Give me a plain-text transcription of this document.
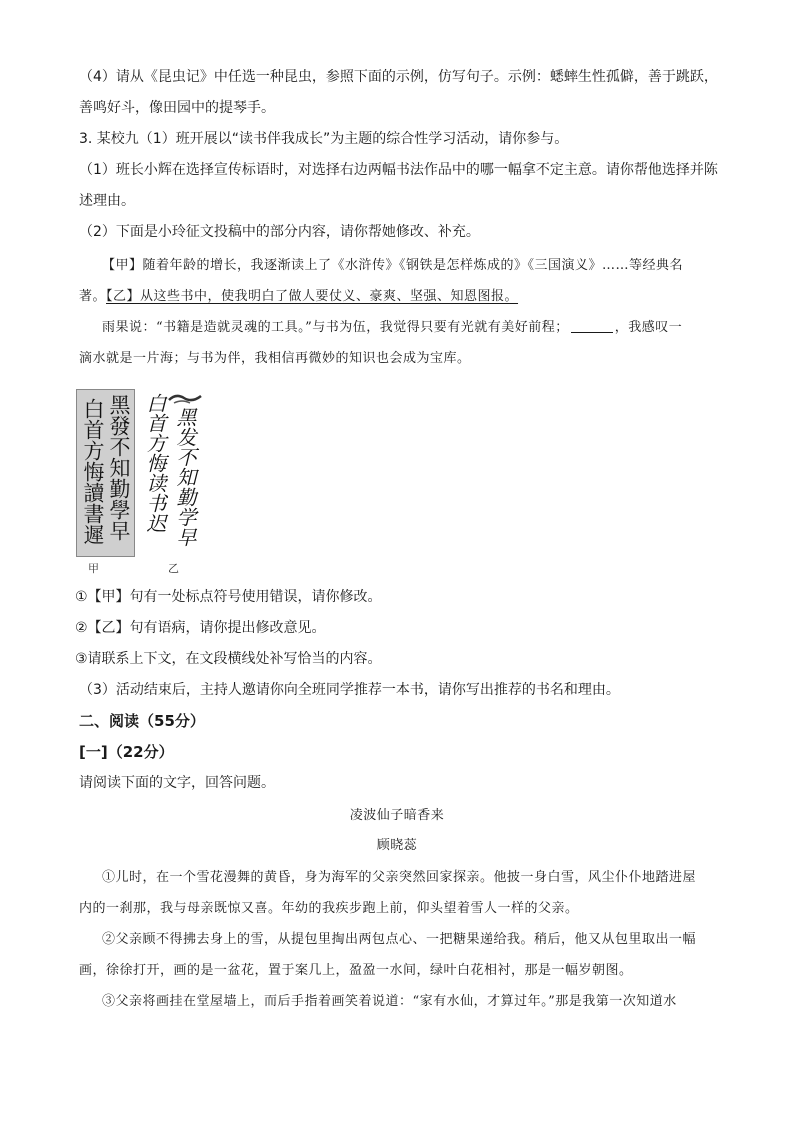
（4）请从《昆虫记》中任选一种昆虫，参照下面的示例，仿写句子。示例：蟋蟀生性孤僻，善于跳跃，
善鸣好斗，像田园中的提琴手。
3. 某校九（1）班开展以“读书伴我成长”为主题的综合性学习活动，请你参与。
（1）班长小辉在选择宣传标语时，对选择右边两幅书法作品中的哪一幅拿不定主意。请你帮他选择并陈
述理由。
（2）下面是小玲征文投稿中的部分内容，请你帮她修改、补充。
【甲】随着年龄的增长，我逐渐读上了《水浒传》《钢铁是怎样炼成的》《三国演义》……等经典名
著。【乙】从这些书中，使我明白了做人要仗义、豪爽、坚强、知恩图报。
雨果说：“书籍是造就灵魂的工具。”与书为伍，我觉得只要有光就有美好前程；	，我感叹一
滴水就是一片海；与书为伴，我相信再微妙的知识也会成为宝库。
黑發不知勤學早
白首方悔讀書遲
甲
黑发不知勤学早
白首方悔读书迟
乙
①【甲】句有一处标点符号使用错误，请你修改。
②【乙】句有语病，请你提出修改意见。
③请联系上下文，在文段横线处补写恰当的内容。
（3）活动结束后，主持人邀请你向全班同学推荐一本书，请你写出推荐的书名和理由。
二、阅读（55分）
[一]（22分）
请阅读下面的文字，回答问题。
凌波仙子暗香来
顾晓蕊
①儿时，在一个雪花漫舞的黄昏，身为海军的父亲突然回家探亲。他披一身白雪，风尘仆仆地踏进屋
内的一刹那，我与母亲既惊又喜。年幼的我疾步跑上前，仰头望着雪人一样的父亲。
②父亲顾不得拂去身上的雪，从提包里掏出两包点心、一把糖果递给我。稍后，他又从包里取出一幅
画，徐徐打开，画的是一盆花，置于案几上，盈盈一水间，绿叶白花相衬，那是一幅岁朝图。
③父亲将画挂在堂屋墙上，而后手指着画笑着说道：“家有水仙，才算过年。”那是我第一次知道水
